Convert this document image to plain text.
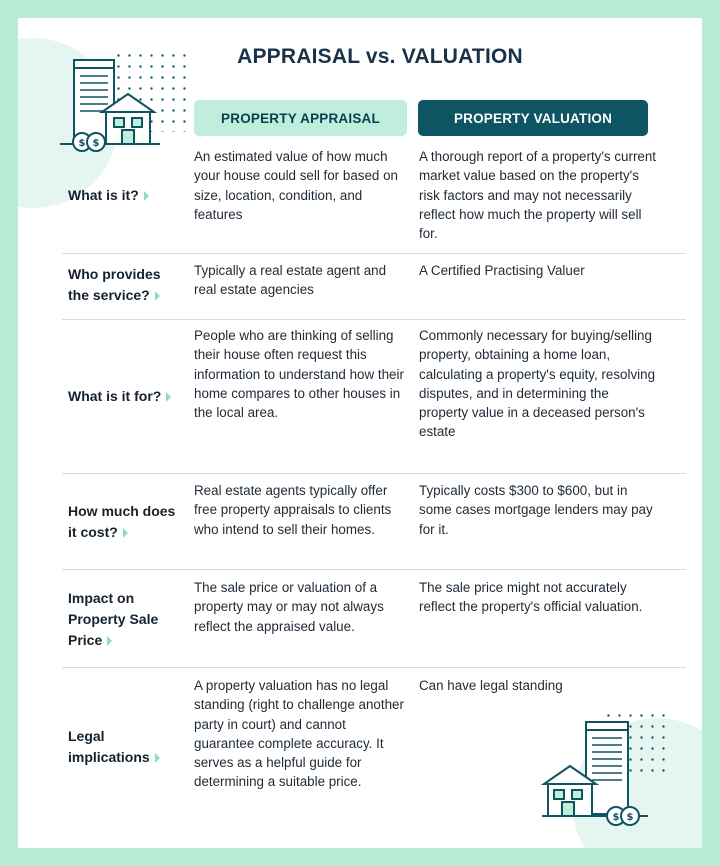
$ $
$ $
APPRAISAL vs. VALUATION
PROPERTY APPRAISAL	PROPERTY VALUATION
What is it?
An estimated value of how much your house could sell for based on size, location, condition, and features
A thorough report of a property's current market value based on the property's risk factors and may not necessarily reflect how much the property will sell for.
Who provides the service?
Typically a real estate agent and real estate agencies
A Certified Practising Valuer
What is it for?
People who are thinking of selling their house often request this information to understand how their home compares to other houses in the local area.
Commonly necessary for buying/selling property, obtaining a home loan, calculating a property's equity, resolving disputes, and in determining the property value in a deceased person's estate
How much does it cost?
Real estate agents typically offer free property appraisals to clients who intend to sell their homes.
Typically costs $300 to $600, but in some cases mortgage lenders may pay for it.
Impact on Property Sale Price
The sale price or valuation of a property may or may not always reflect the appraised value.
The sale price might not accurately reflect the property's official valuation.
Legal implications
A property valuation has no legal standing (right to challenge another party in court) and cannot guarantee complete accuracy. It serves as a helpful guide for determining a suitable price.
Can have legal standing
